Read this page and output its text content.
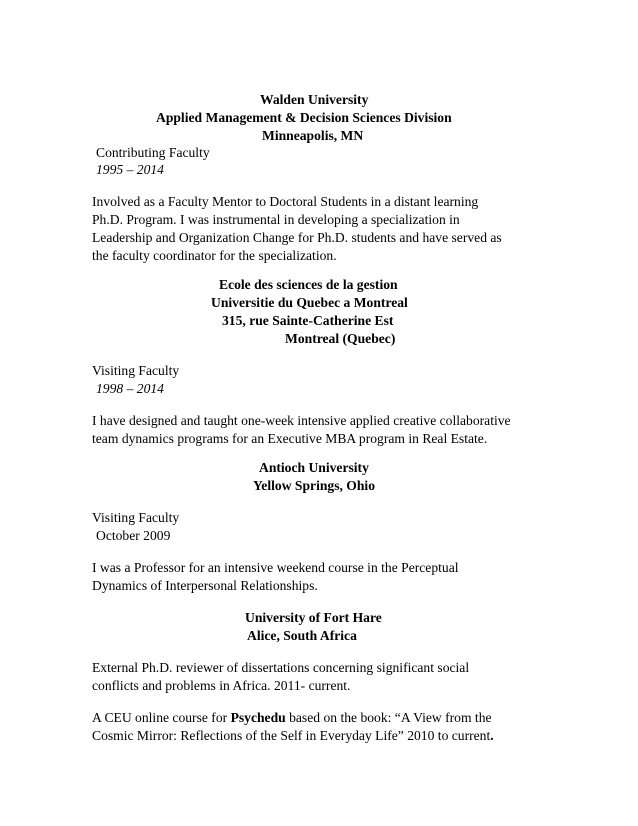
Walden University
Applied Management & Decision Sciences Division
Minneapolis, MN
Contributing Faculty
1995 – 2014
Involved as a Faculty Mentor to Doctoral Students in a distant learning
Ph.D. Program. I was instrumental in developing a specialization in
Leadership and Organization Change for Ph.D. students and have served as
the faculty coordinator for the specialization.
Ecole des sciences de la gestion
Universitie du Quebec a Montreal
315, rue Sainte-Catherine Est
Montreal (Quebec)
Visiting Faculty
1998 – 2014
I have designed and taught one-week intensive applied creative collaborative
team dynamics programs for an Executive MBA program in Real Estate.
Antioch University
Yellow Springs, Ohio
Visiting Faculty
October 2009
I was a Professor for an intensive weekend course in the Perceptual
Dynamics of Interpersonal Relationships.
University of Fort Hare
Alice, South Africa
External Ph.D. reviewer of dissertations concerning significant social
conflicts and problems in Africa. 2011- current.
A CEU online course for Psychedu based on the book: “A View from the
Cosmic Mirror: Reflections of the Self in Everyday Life” 2010 to current.
